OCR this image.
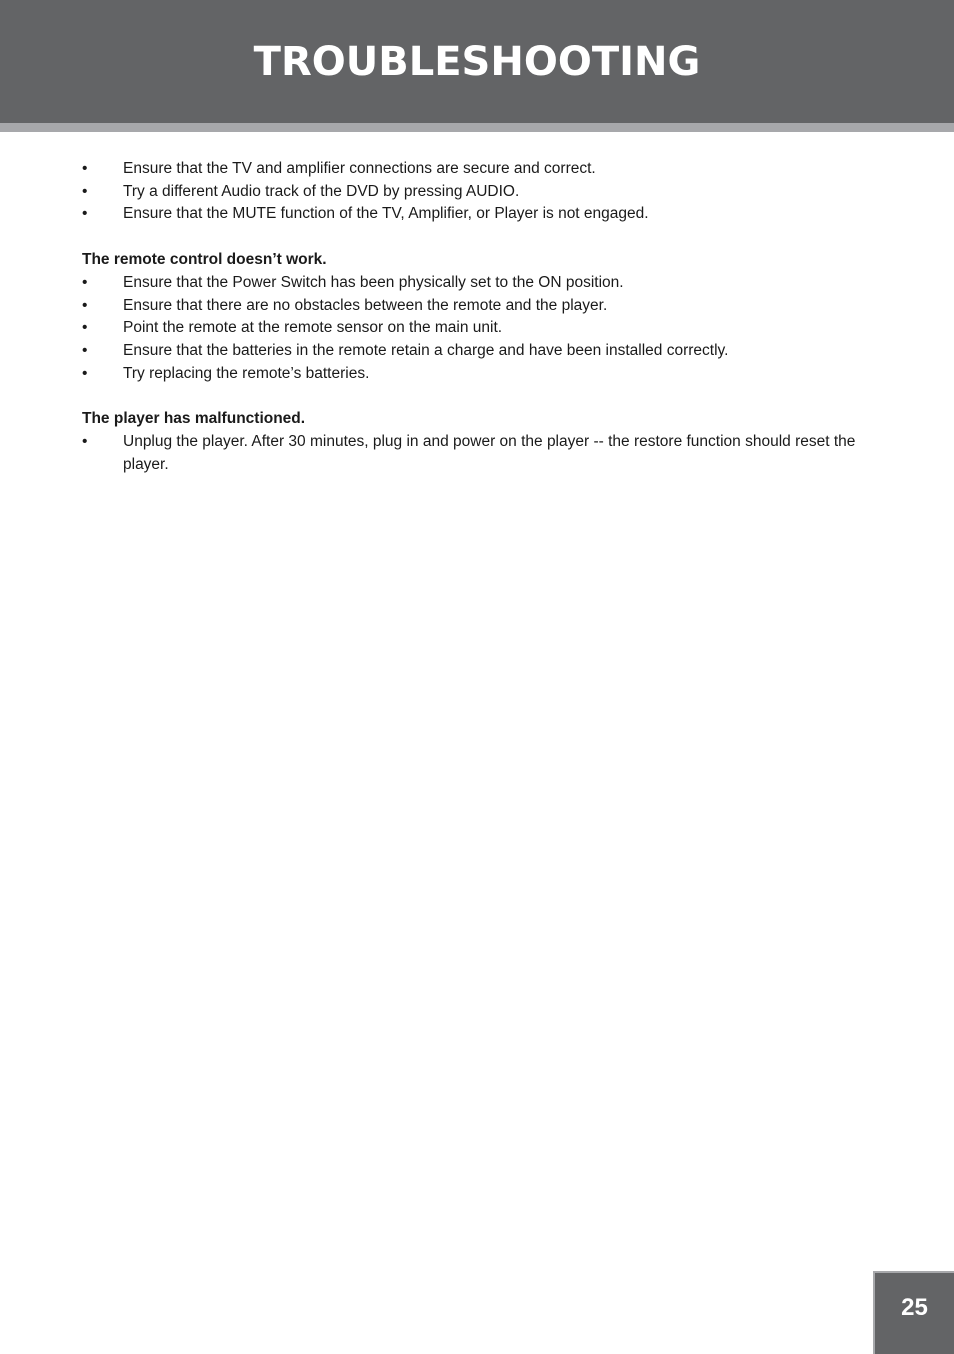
TROUBLESHOOTING
• Ensure that the TV and amplifier connections are secure and correct.
• Try a different Audio track of the DVD by pressing AUDIO.
• Ensure that the MUTE function of the TV, Amplifier, or Player is not engaged.
The remote control doesn’t work.
• Ensure that the Power Switch has been physically set to the ON position.
• Ensure that there are no obstacles between the remote and the player.
• Point the remote at the remote sensor on the main unit.
• Ensure that the batteries in the remote retain a charge and have been installed correctly.
• Try replacing the remote’s batteries.
The player has malfunctioned.
• Unplug the player. After 30 minutes, plug in and power on the player -- the restore function should reset the player.
25
